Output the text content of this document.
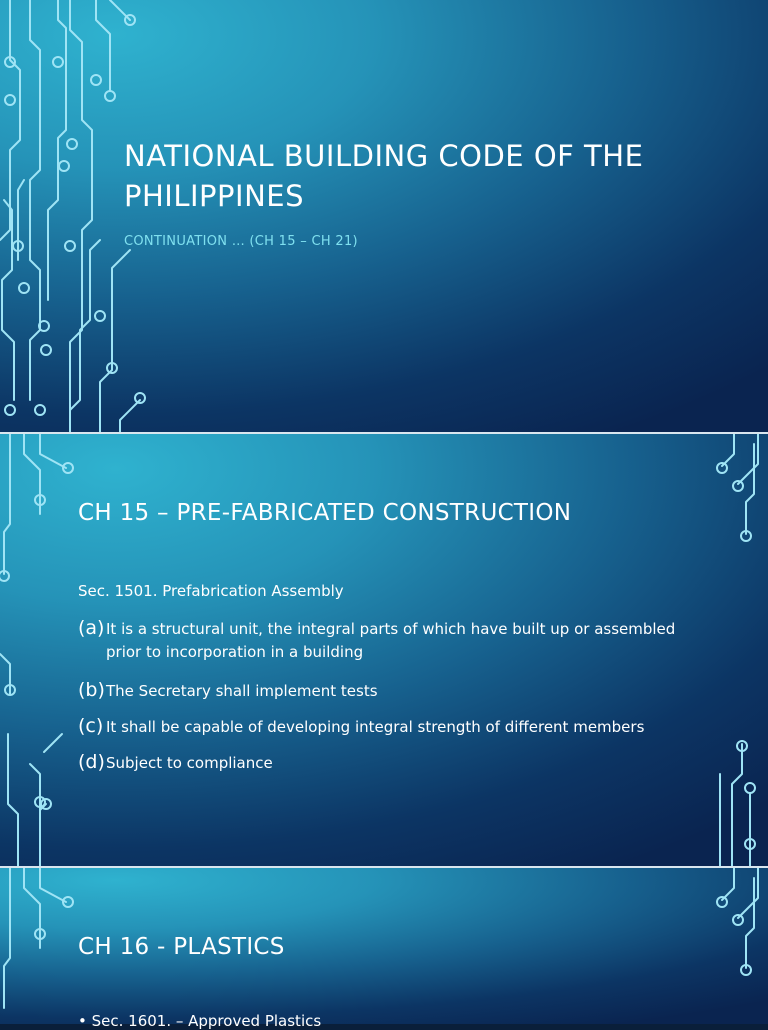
NATIONAL BUILDING CODE OF THE PHILIPPINES
CONTINUATION … (CH 15 – CH 21)
CH 15 – PRE-FABRICATED CONSTRUCTION
Sec. 1501. Prefabrication Assembly
(a) It is a structural unit, the integral parts of which have built up or assembled
prior to incorporation in a building
(b)The Secretary shall implement tests
(c) It shall be capable of developing integral strength of different members
(d)Subject to compliance
CH 16 - PLASTICS
• Sec. 1601. – Approved Plastics
